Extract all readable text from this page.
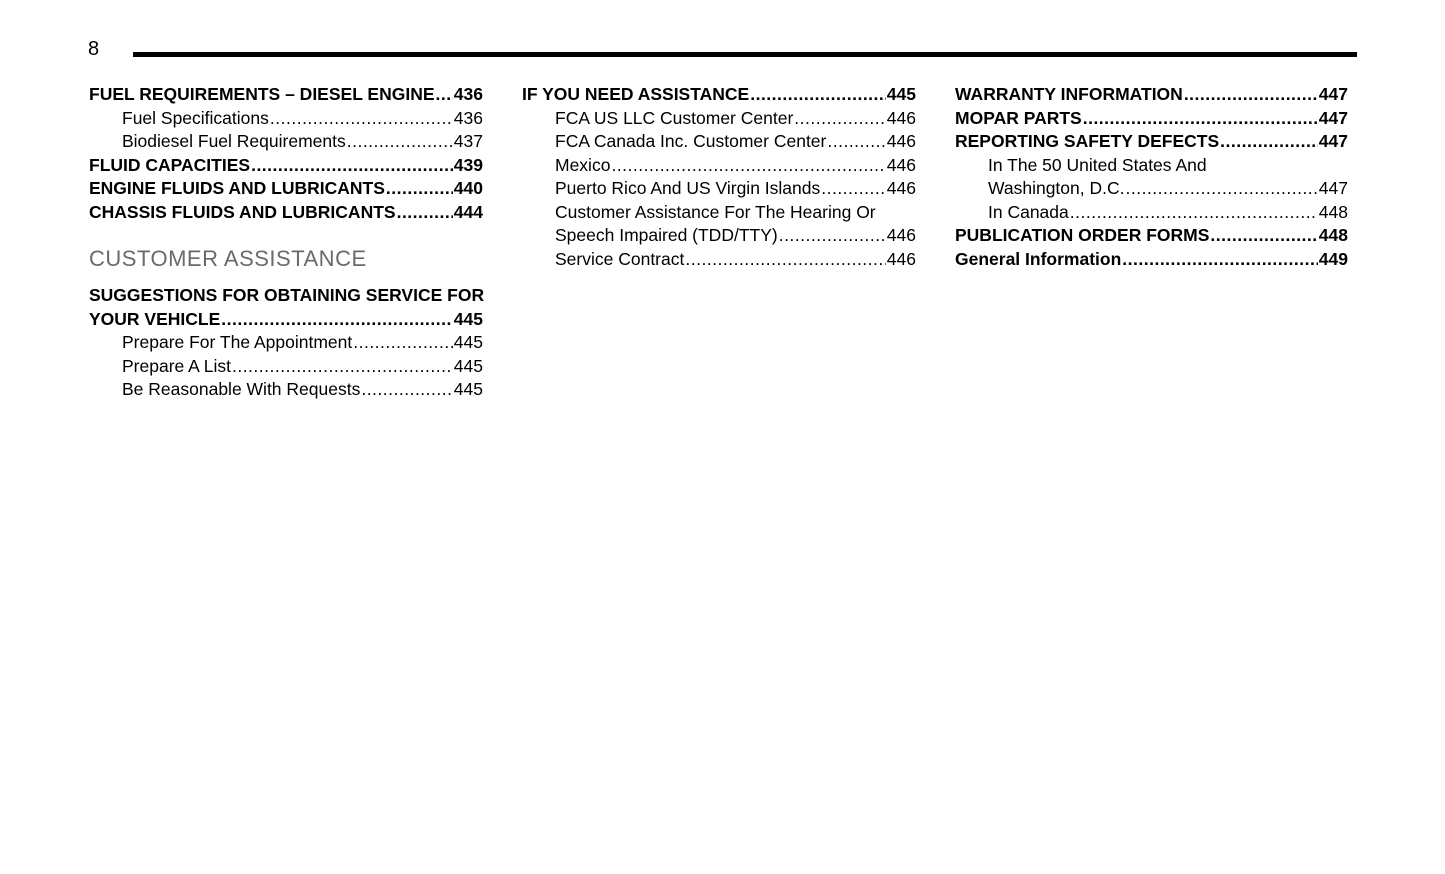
8
FUEL REQUIREMENTS – DIESEL ENGINE ..... 436
Fuel Specifications .....	436
Biodiesel Fuel Requirements .....	437
FLUID CAPACITIES .....	439
ENGINE FLUIDS AND LUBRICANTS .....	440
CHASSIS FLUIDS AND LUBRICANTS .....	444
CUSTOMER ASSISTANCE
SUGGESTIONS FOR OBTAINING SERVICE FOR
YOUR VEHICLE .....	445
Prepare For The Appointment .....	445
Prepare A List .....	445
Be Reasonable With Requests .....	445
IF YOU NEED ASSISTANCE .....	445
FCA US LLC Customer Center .....	446
FCA Canada Inc. Customer Center .....	446
Mexico .....	446
Puerto Rico And US Virgin Islands .....	446
Customer Assistance For The Hearing Or
Speech Impaired (TDD/TTY) .....	446
Service Contract .....	446
WARRANTY INFORMATION .....	447
MOPAR PARTS .....	447
REPORTING SAFETY DEFECTS .....	447
In The 50 United States And
Washington, D.C. .....	447
In Canada .....	448
PUBLICATION ORDER FORMS .....	448
General Information .....	449
